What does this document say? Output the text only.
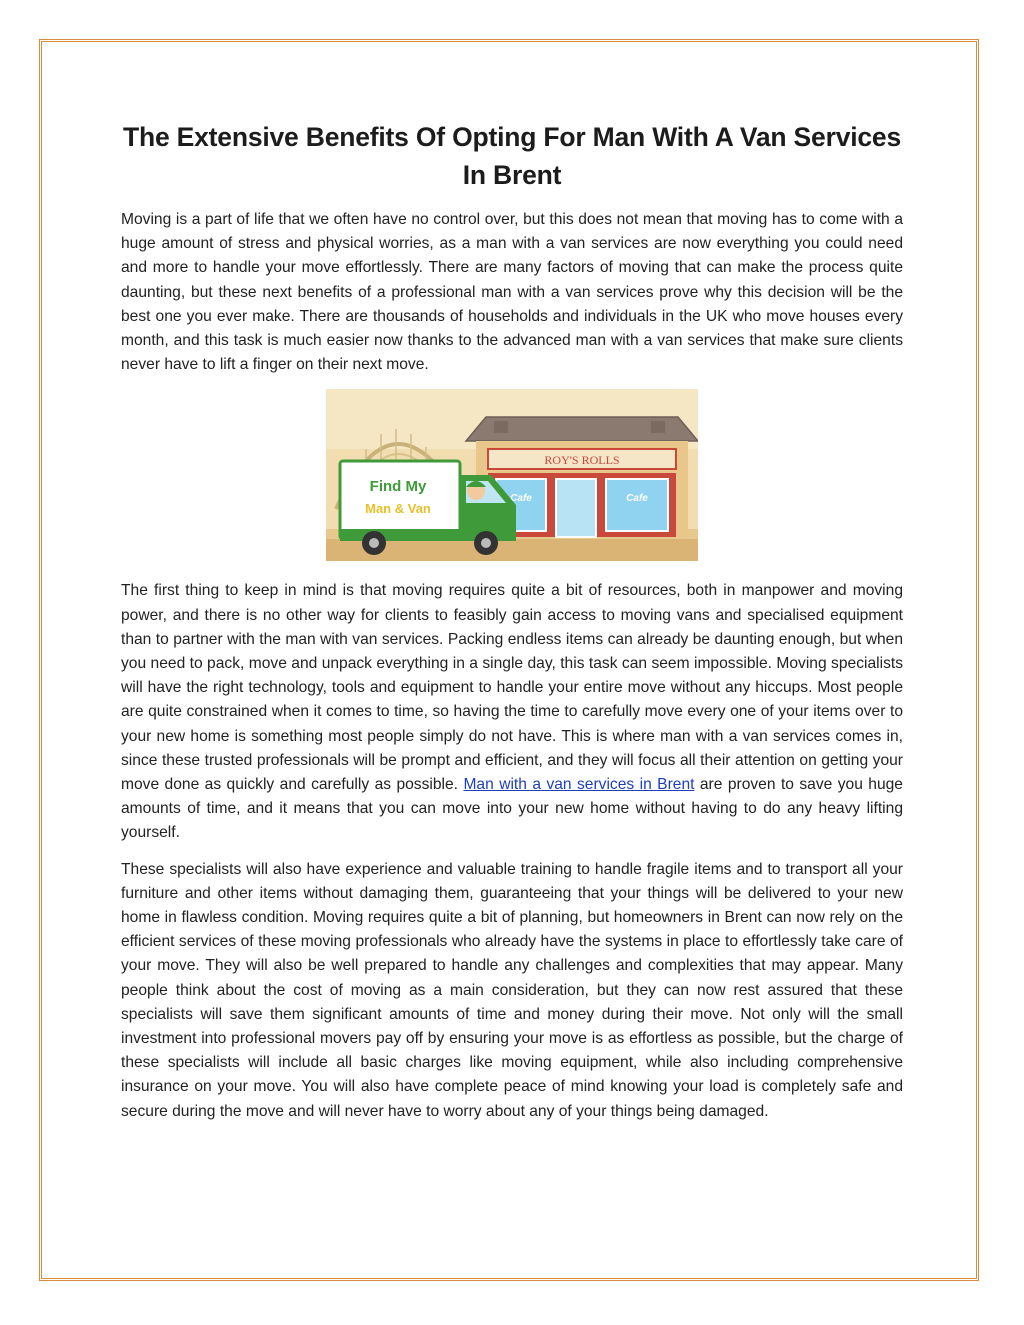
The Extensive Benefits Of Opting For Man With A Van Services In Brent

Moving is a part of life that we often have no control over, but this does not mean that moving has to come with a huge amount of stress and physical worries, as a man with a van services are now everything you could need and more to handle your move effortlessly. There are many factors of moving that can make the process quite daunting, but these next benefits of a professional man with a van services prove why this decision will be the best one you ever make. There are thousands of households and individuals in the UK who move houses every month, and this task is much easier now thanks to the advanced man with a van services that make sure clients never have to lift a finger on their next move.

ROY'S ROLLS
Cafe	Cafe
Find My
Man & Van

The first thing to keep in mind is that moving requires quite a bit of resources, both in manpower and moving power, and there is no other way for clients to feasibly gain access to moving vans and specialised equipment than to partner with the man with van services. Packing endless items can already be daunting enough, but when you need to pack, move and unpack everything in a single day, this task can seem impossible. Moving specialists will have the right technology, tools and equipment to handle your entire move without any hiccups. Most people are quite constrained when it comes to time, so having the time to carefully move every one of your items over to your new home is something most people simply do not have. This is where man with a van services comes in, since these trusted professionals will be prompt and efficient, and they will focus all their attention on getting your move done as quickly and carefully as possible. Man with a van services in Brent are proven to save you huge amounts of time, and it means that you can move into your new home without having to do any heavy lifting yourself.

These specialists will also have experience and valuable training to handle fragile items and to transport all your furniture and other items without damaging them, guaranteeing that your things will be delivered to your new home in flawless condition. Moving requires quite a bit of planning, but homeowners in Brent can now rely on the efficient services of these moving professionals who already have the systems in place to effortlessly take care of your move. They will also be well prepared to handle any challenges and complexities that may appear. Many people think about the cost of moving as a main consideration, but they can now rest assured that these specialists will save them significant amounts of time and money during their move. Not only will the small investment into professional movers pay off by ensuring your move is as effortless as possible, but the charge of these specialists will include all basic charges like moving equipment, while also including comprehensive insurance on your move. You will also have complete peace of mind knowing your load is completely safe and secure during the move and will never have to worry about any of your things being damaged.
